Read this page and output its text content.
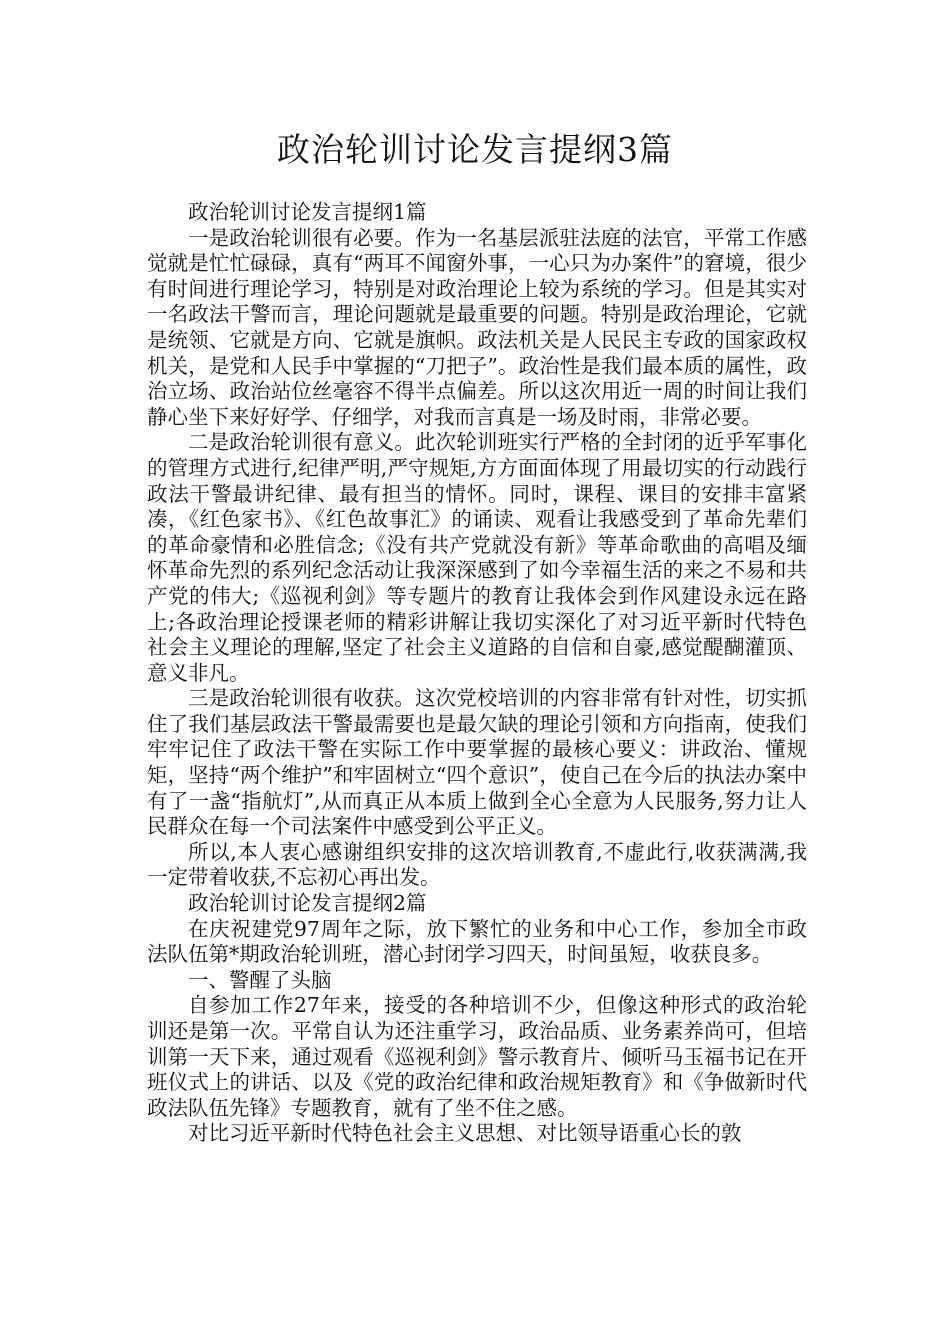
政治轮训讨论发言提纲3篇

政治轮训讨论发言提纲1篇

一是政治轮训很有必要。作为一名基层派驻法庭的法官，平常工作感觉就是忙忙碌碌，真有“两耳不闻窗外事，一心只为办案件”的窘境，很少有时间进行理论学习，特别是对政治理论上较为系统的学习。但是其实对一名政法干警而言，理论问题就是最重要的问题。特别是政治理论，它就是统领、它就是方向、它就是旗帜。政法机关是人民民主专政的国家政权机关，是党和人民手中掌握的“刀把子”。政治性是我们最本质的属性，政治立场、政治站位丝毫容不得半点偏差。所以这次用近一周的时间让我们静心坐下来好好学、仔细学，对我而言真是一场及时雨，非常必要。

二是政治轮训很有意义。此次轮训班实行严格的全封闭的近乎军事化的管理方式进行,纪律严明,严守规矩,方方面面体现了用最切实的行动践行政法干警最讲纪律、最有担当的情怀。同时，课程、课目的安排丰富紧凑，《红色家书》、《红色故事汇》的诵读、观看让我感受到了革命先辈们的革命豪情和必胜信念;《没有共产党就没有新》等革命歌曲的高唱及缅怀革命先烈的系列纪念活动让我深深感到了如今幸福生活的来之不易和共产党的伟大;《巡视利剑》等专题片的教育让我体会到作风建设永远在路上;各政治理论授课老师的精彩讲解让我切实深化了对习近平新时代特色社会主义理论的理解,坚定了社会主义道路的自信和自豪,感觉醍醐灌顶、意义非凡。

三是政治轮训很有收获。这次党校培训的内容非常有针对性，切实抓住了我们基层政法干警最需要也是最欠缺的理论引领和方向指南，使我们牢牢记住了政法干警在实际工作中要掌握的最核心要义：讲政治、懂规矩，坚持“两个维护”和牢固树立“四个意识”，使自己在今后的执法办案中有了一盏“指航灯”,从而真正从本质上做到全心全意为人民服务,努力让人民群众在每一个司法案件中感受到公平正义。

所以,本人衷心感谢组织安排的这次培训教育,不虚此行,收获满满,我一定带着收获,不忘初心再出发。

政治轮训讨论发言提纲2篇

在庆祝建党97周年之际，放下繁忙的业务和中心工作，参加全市政法队伍第*期政治轮训班，潜心封闭学习四天，时间虽短，收获良多。

一、警醒了头脑

自参加工作27年来，接受的各种培训不少，但像这种形式的政治轮训还是第一次。平常自认为还注重学习，政治品质、业务素养尚可，但培训第一天下来，通过观看《巡视利剑》警示教育片、倾听马玉福书记在开班仪式上的讲话、以及《党的政治纪律和政治规矩教育》和《争做新时代政法队伍先锋》专题教育，就有了坐不住之感。

对比习近平新时代特色社会主义思想、对比领导语重心长的敦
